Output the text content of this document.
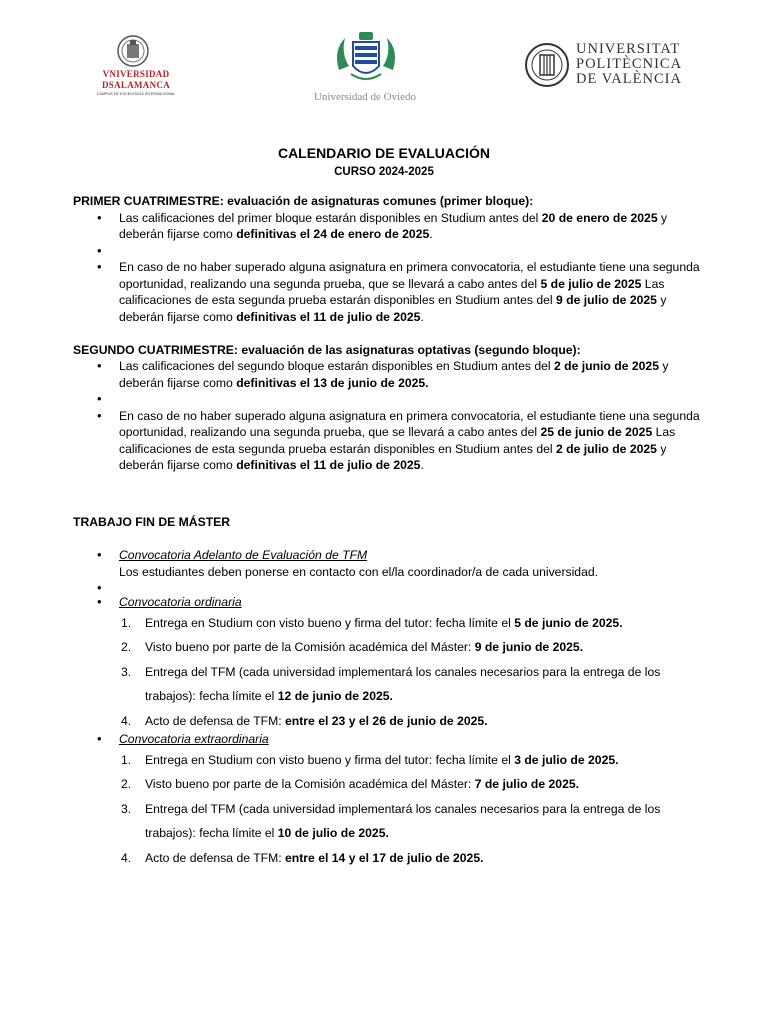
VNIVERSIDAD
DSALAMANCA
CAMPUS DE EXCELENCIA INTERNACIONAL	Universidad de Oviedo
UNIVERSITAT
POLITÈCNICA
DE VALÈNCIA
CALENDARIO DE EVALUACIÓN
CURSO 2024-2025

PRIMER CUATRIMESTRE: evaluación de asignaturas comunes (primer bloque):

• Las calificaciones del primer bloque estarán disponibles en Studium antes del 20 de enero de 2025 y deberán fijarse como definitivas el 24 de enero de 2025.
•
• En caso de no haber superado alguna asignatura en primera convocatoria, el estudiante tiene una segunda oportunidad, realizando una segunda prueba, que se llevará a cabo antes del 5 de julio de 2025 Las calificaciones de esta segunda prueba estarán disponibles en Studium antes del 9 de julio de 2025 y deberán fijarse como definitivas el 11 de julio de 2025.

SEGUNDO CUATRIMESTRE: evaluación de las asignaturas optativas (segundo bloque):

• Las calificaciones del segundo bloque estarán disponibles en Studium antes del 2 de junio de 2025 y deberán fijarse como definitivas el 13 de junio de 2025.
•
• En caso de no haber superado alguna asignatura en primera convocatoria, el estudiante tiene una segunda oportunidad, realizando una segunda prueba, que se llevará a cabo antes del 25 de junio de 2025 Las calificaciones de esta segunda prueba estarán disponibles en Studium antes del 2 de julio de 2025 y deberán fijarse como definitivas el 11 de julio de 2025.

TRABAJO FIN DE MÁSTER

• Convocatoria Adelanto de Evaluación de TFM
Los estudiantes deben ponerse en contacto con el/la coordinador/a de cada universidad.
•
• Convocatoria ordinaria
1. Entrega en Studium con visto bueno y firma del tutor: fecha límite el 5 de junio de 2025.
2. Visto bueno por parte de la Comisión académica del Máster: 9 de junio de 2025.
3. Entrega del TFM (cada universidad implementará los canales necesarios para la entrega de los trabajos): fecha límite el 12 de junio de 2025.
4. Acto de defensa de TFM: entre el 23 y el 26 de junio de 2025.
• Convocatoria extraordinaria
1. Entrega en Studium con visto bueno y firma del tutor: fecha límite el 3 de julio de 2025.
2. Visto bueno por parte de la Comisión académica del Máster: 7 de julio de 2025.
3. Entrega del TFM (cada universidad implementará los canales necesarios para la entrega de los trabajos): fecha límite el 10 de julio de 2025.
4. Acto de defensa de TFM: entre el 14 y el 17 de julio de 2025.
